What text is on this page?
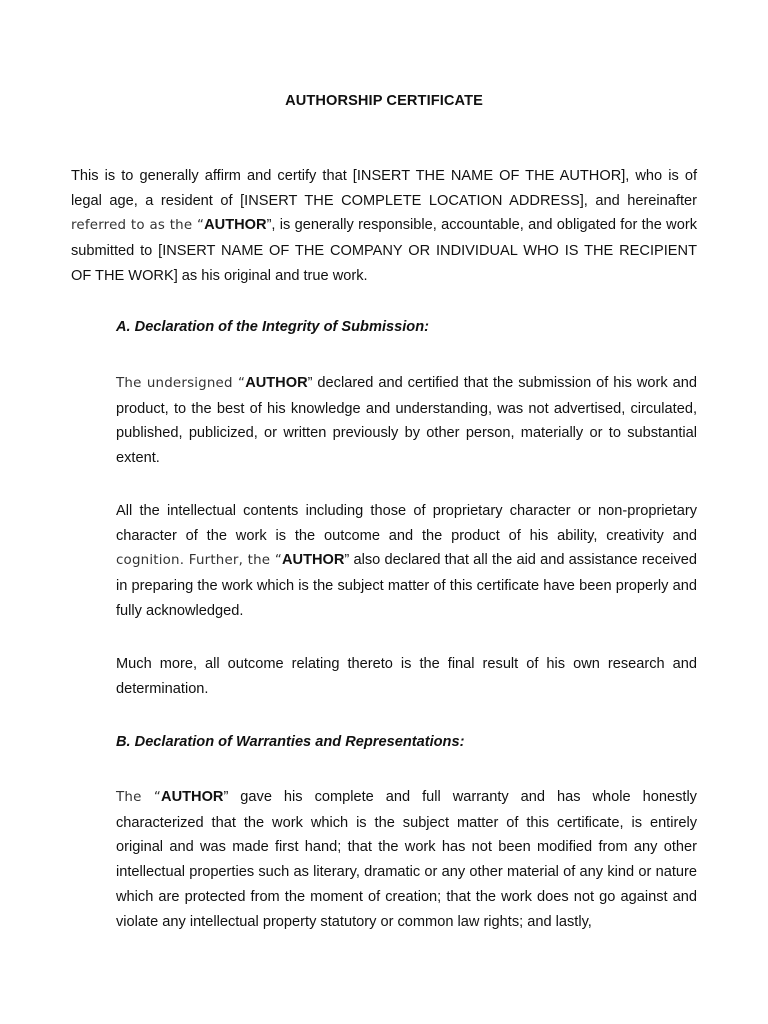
AUTHORSHIP CERTIFICATE

This is to generally affirm and certify that [INSERT THE NAME OF THE AUTHOR], who is of legal age, a resident of [INSERT THE COMPLETE LOCATION ADDRESS], and hereinafter referred to as the “AUTHOR”, is generally responsible, accountable, and obligated for the work submitted to [INSERT NAME OF THE COMPANY OR INDIVIDUAL WHO IS THE RECIPIENT OF THE WORK] as his original and true work.

A. Declaration of the Integrity of Submission:

The undersigned “AUTHOR” declared and certified that the submission of his work and product, to the best of his knowledge and understanding, was not advertised, circulated, published, publicized, or written previously by other person, materially or to substantial extent.

All the intellectual contents including those of proprietary character or non-proprietary character of the work is the outcome and the product of his ability, creativity and cognition. Further, the “AUTHOR” also declared that all the aid and assistance received in preparing the work which is the subject matter of this certificate have been properly and fully acknowledged.

Much more, all outcome relating thereto is the final result of his own research and determination.

B. Declaration of Warranties and Representations:

The “AUTHOR” gave his complete and full warranty and has whole honestly characterized that the work which is the subject matter of this certificate, is entirely original and was made first hand; that the work has not been modified from any other intellectual properties such as literary, dramatic or any other material of any kind or nature which are protected from the moment of creation; that the work does not go against and violate any intellectual property statutory or common law rights; and lastly,
